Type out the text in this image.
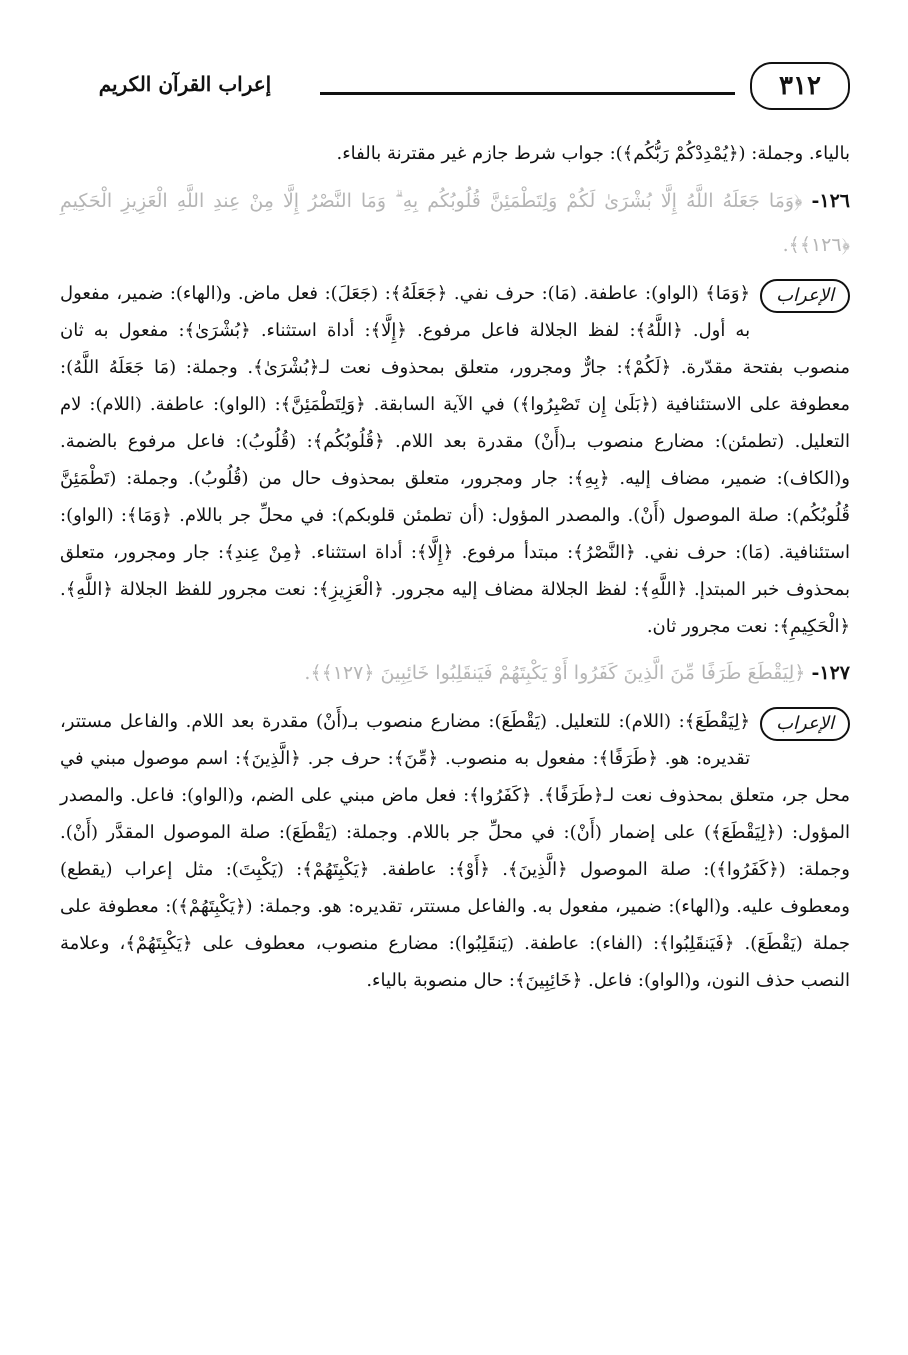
٣١٢
إعراب القرآن الكريم

بالياء. وجملة: (﴿يُمْدِدْكُمْ رَبُّكُم﴾): جواب شرط جازم غير مقترنة بالفاء.

١٢٦- ﴿وَمَا جَعَلَهُ اللَّهُ إِلَّا بُشْرَىٰ لَكُمْ وَلِتَطْمَئِنَّ قُلُوبُكُم بِهِ ۗ وَمَا النَّصْرُ إِلَّا مِنْ عِندِ اللَّهِ الْعَزِيزِ الْحَكِيمِ ﴿١٢٦﴾﴾.

الإعراب
﴿وَمَا﴾ (الواو): عاطفة. (مَا): حرف نفي. ﴿جَعَلَهُ﴾: (جَعَلَ): فعل ماض. و(الهاء): ضمير، مفعول به أول. ﴿اللَّهُ﴾: لفظ الجلالة فاعل مرفوع. ﴿إِلَّا﴾: أداة استثناء. ﴿بُشْرَىٰ﴾: مفعول به ثان منصوب بفتحة مقدّرة. ﴿لَكُمْ﴾: جارٌّ ومجرور، متعلق بمحذوف نعت لـ﴿بُشْرَىٰ﴾. وجملة: (مَا جَعَلَهُ اللَّهُ): معطوفة على الاستئنافية (﴿بَلَىٰ إِن تَصْبِرُوا﴾) في الآية السابقة. ﴿وَلِتَطْمَئِنَّ﴾: (الواو): عاطفة. (اللام): لام التعليل. (تطمئن): مضارع منصوب بـ(أَنْ) مقدرة بعد اللام. ﴿قُلُوبُكُم﴾: (قُلُوبُ): فاعل مرفوع بالضمة. و(الكاف): ضمير، مضاف إليه. ﴿بِهِ﴾: جار ومجرور، متعلق بمحذوف حال من (قُلُوبُ). وجملة: (تَطْمَئِنَّ قُلُوبُكُم): صلة الموصول (أَنْ). والمصدر المؤول: (أن تطمئن قلوبكم): في محلِّ جر باللام. ﴿وَمَا﴾: (الواو): استئنافية. (مَا): حرف نفي. ﴿النَّصْرُ﴾: مبتدأ مرفوع. ﴿إِلَّا﴾: أداة استثناء. ﴿مِنْ عِندِ﴾: جار ومجرور، متعلق بمحذوف خبر المبتدإ. ﴿اللَّهِ﴾: لفظ الجلالة مضاف إليه مجرور. ﴿الْعَزِيزِ﴾: نعت مجرور للفظ الجلالة ﴿اللَّهِ﴾. ﴿الْحَكِيمِ﴾: نعت مجرور ثان.

١٢٧- ﴿لِيَقْطَعَ طَرَفًا مِّنَ الَّذِينَ كَفَرُوا أَوْ يَكْبِتَهُمْ فَيَنقَلِبُوا خَائِبِينَ ﴿١٢٧﴾﴾.

الإعراب
﴿لِيَقْطَعَ﴾: (اللام): للتعليل. (يَقْطَعَ): مضارع منصوب بـ(أَنْ) مقدرة بعد اللام. والفاعل مستتر، تقديره: هو. ﴿طَرَفًا﴾: مفعول به منصوب. ﴿مِّنَ﴾: حرف جر. ﴿الَّذِينَ﴾: اسم موصول مبني في محل جر، متعلق بمحذوف نعت لـ﴿طَرَفًا﴾. ﴿كَفَرُوا﴾: فعل ماض مبني على الضم، و(الواو): فاعل. والمصدر المؤول: (﴿لِيَقْطَعَ﴾) على إضمار (أَنْ): في محلِّ جر باللام. وجملة: (يَقْطَعَ): صلة الموصول المقدَّر (أَنْ). وجملة: (﴿كَفَرُوا﴾): صلة الموصول ﴿الَّذِينَ﴾. ﴿أَوْ﴾: عاطفة. ﴿يَكْبِتَهُمْ﴾: (يَكْبِتَ): مثل إعراب (يقطع) ومعطوف عليه. و(الهاء): ضمير، مفعول به. والفاعل مستتر، تقديره: هو. وجملة: (﴿يَكْبِتَهُمْ﴾): معطوفة على جملة (يَقْطَعَ). ﴿فَيَنقَلِبُوا﴾: (الفاء): عاطفة. (يَنقَلِبُوا): مضارع منصوب، معطوف على ﴿يَكْبِتَهُمْ﴾، وعلامة النصب حذف النون، و(الواو): فاعل. ﴿خَائِبِينَ﴾: حال منصوبة بالياء.
